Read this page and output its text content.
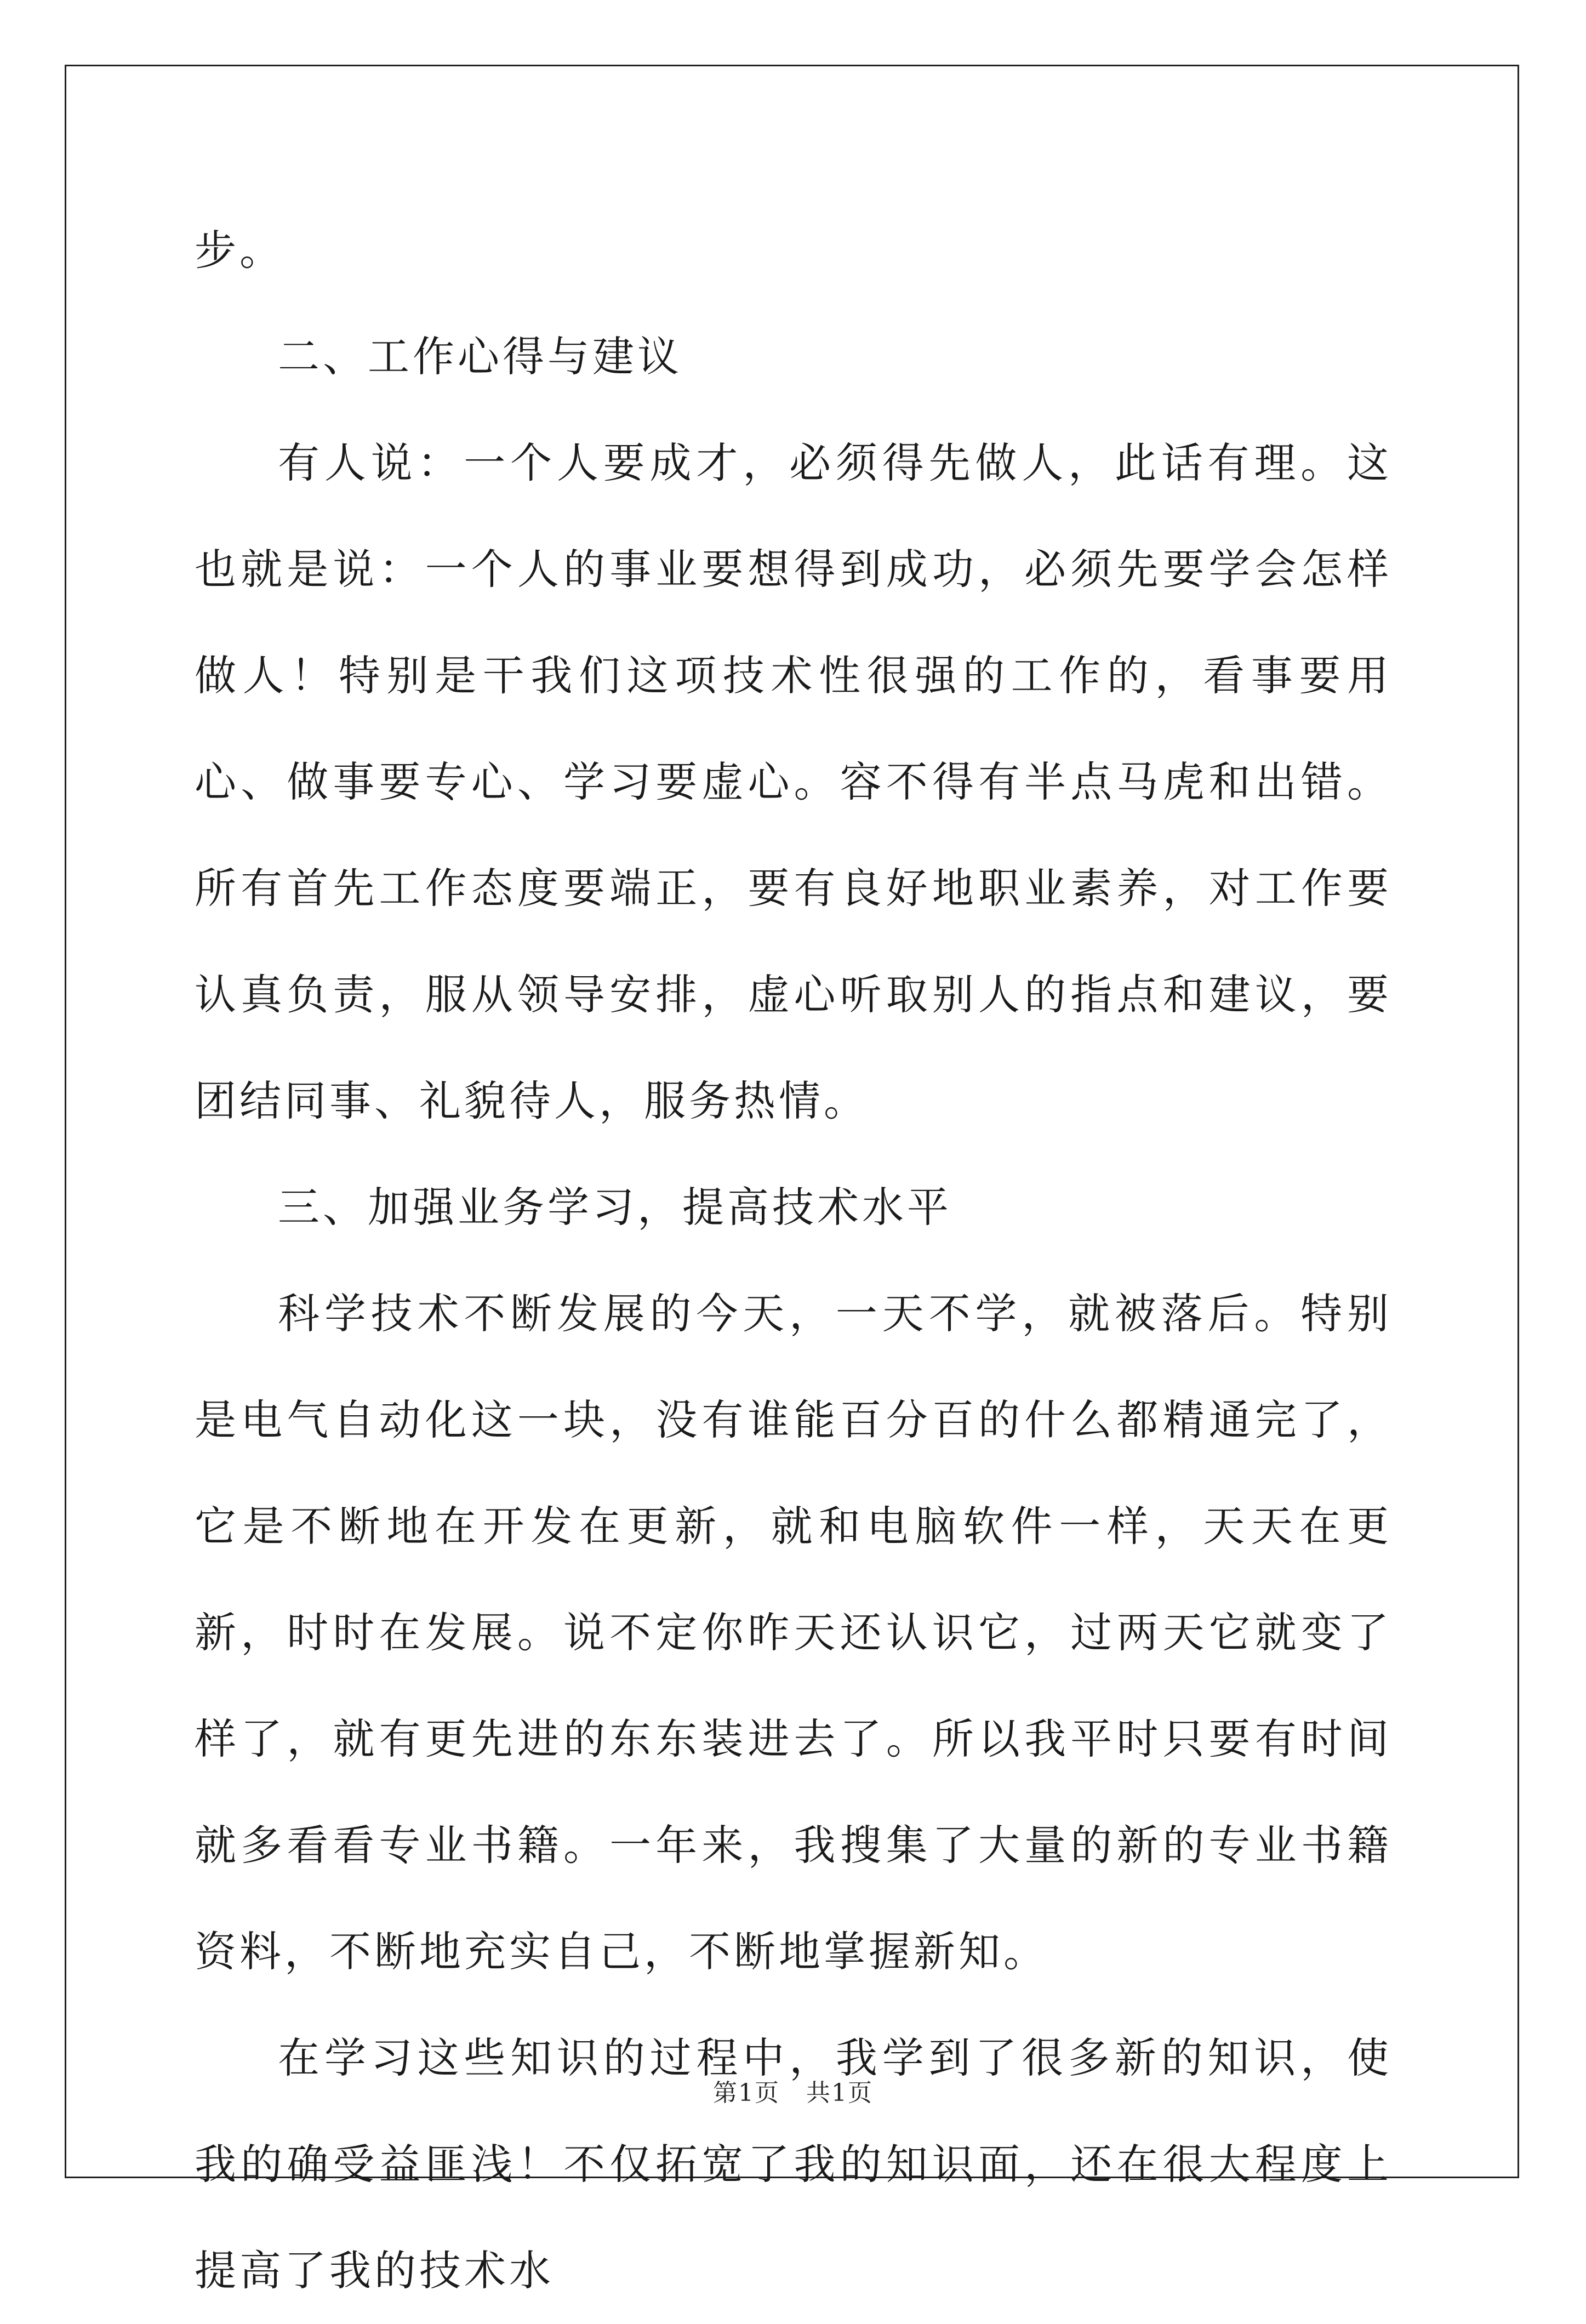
步。

二、工作心得与建议

有人说：一个人要成才，必须得先做人，此话有理。这也就是说：一个人的事业要想得到成功，必须先要学会怎样做人！特别是干我们这项技术性很强的工作的，看事要用心、做事要专心、学习要虚心。容不得有半点马虎和出错。所有首先工作态度要端正，要有良好地职业素养，对工作要认真负责，服从领导安排，虚心听取别人的指点和建议，要团结同事、礼貌待人，服务热情。

三、加强业务学习，提高技术水平

科学技术不断发展的今天，一天不学，就被落后。特别是电气自动化这一块，没有谁能百分百的什么都精通完了，它是不断地在开发在更新，就和电脑软件一样，天天在更新，时时在发展。说不定你昨天还认识它，过两天它就变了样了，就有更先进的东东装进去了。所以我平时只要有时间就多看看专业书籍。一年来，我搜集了大量的新的专业书籍资料，不断地充实自己，不断地掌握新知。

在学习这些知识的过程中，我学到了很多新的知识，使我的确受益匪浅！不仅拓宽了我的知识面，还在很大程度上提高了我的技术水

第1页 共1页
